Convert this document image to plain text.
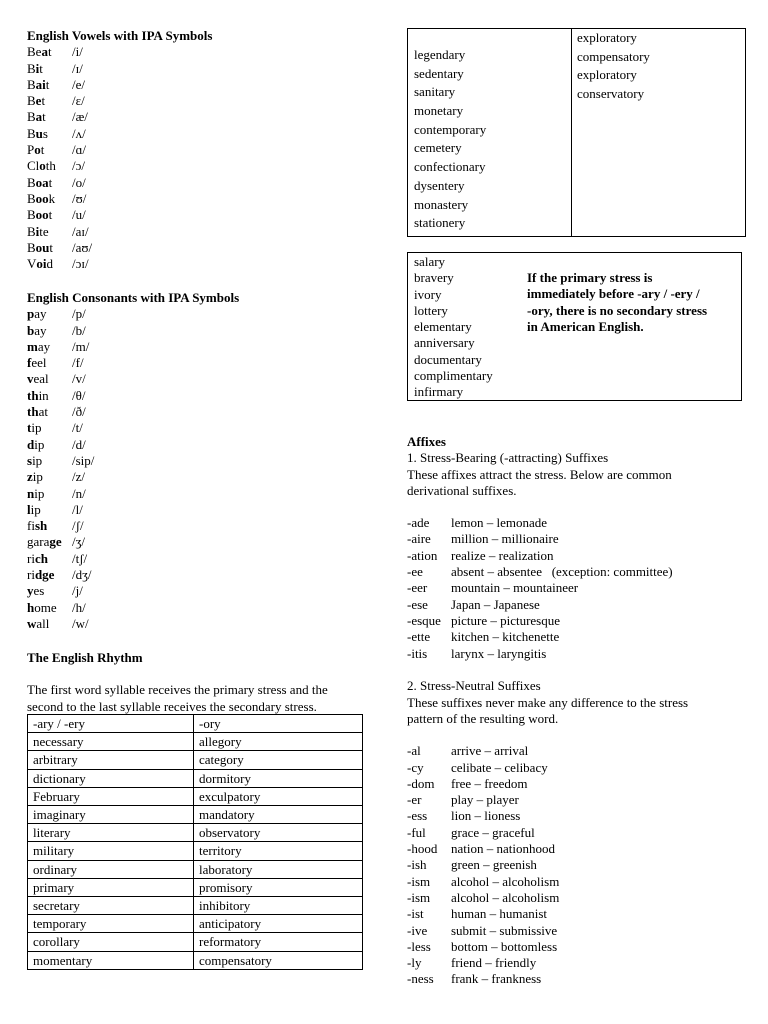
English Vowels with IPA Symbols
Beat	/i/
Bit	/ɪ/
Bait	/e/
Bet	/ɛ/
Bat	/æ/
Bus	/ʌ/
Pot	/ɑ/
Cloth	/ɔ/
Boat	/o/
Book	/ʊ/
Boot	/u/
Bite	/aɪ/
Bout	/aʊ/
Void	/ɔɪ/
English Consonants with IPA Symbols
pay	/p/
bay	/b/
may	/m/
feel	/f/
veal	/v/
thin	/θ/
that	/ð/
tip	/t/
dip	/d/
sip	/sip/
zip	/z/
nip	/n/
lip	/l/
fish	/ʃ/
garage /ʒ/
rich	/tʃ/
ridge	/dʒ/
yes	/j/
home	/h/
wall	/w/
The English Rhythm
The first word syllable receives the primary stress and the
second to the last syllable receives the secondary stress.
-ary / -ery	-ory
necessary	allegory
arbitrary	category
dictionary	dormitory
February	exculpatory
imaginary	mandatory
literary	observatory
military	territory
ordinary	laboratory
primary	promisory
secretary	inhibitory
temporary	anticipatory
corollary	reformatory
momentary	compensatory
legendary
sedentary
sanitary
monetary
contemporary
cemetery
confectionary
dysentery
monastery
stationery
exploratory
compensatory
exploratory
conservatory
salary
bravery
ivory
lottery
elementary
anniversary
documentary
complimentary
infirmary
If the primary stress is
immediately before -ary / -ery /
-ory, there is no secondary stress
in American English.
Affixes
1. Stress-Bearing (-attracting) Suffixes
These affixes attract the stress. Below are common
derivational suffixes.
-ade	lemon – lemonade
-aire	million – millionaire
-ation	realize – realization
-ee	absent – absentee   (exception: committee)
-eer	mountain – mountaineer
-ese	Japan – Japanese
-esque picture – picturesque
-ette	kitchen – kitchenette
-itis	larynx – laryngitis
2. Stress-Neutral Suffixes
These suffixes never make any difference to the stress
pattern of the resulting word.
-al	arrive – arrival
-cy	celibate – celibacy
-dom	free – freedom
-er	play – player
-ess	lion – lioness
-ful	grace – graceful
-hood	nation – nationhood
-ish	green – greenish
-ism	alcohol – alcoholism
-ism	alcohol – alcoholism
-ist	human – humanist
-ive	submit – submissive
-less	bottom – bottomless
-ly	friend – friendly
-ness	frank – frankness
